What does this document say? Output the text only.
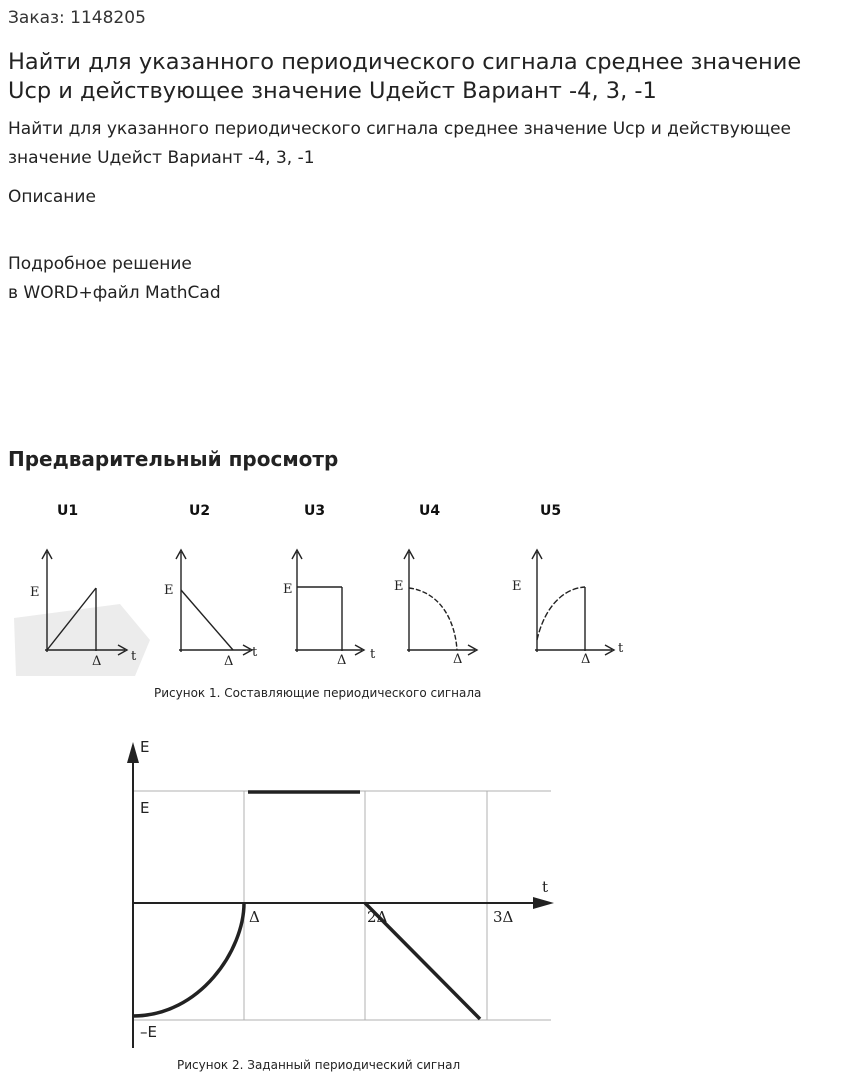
Заказ: 1148205
Найти для указанного периодического сигнала среднее значение Uср и действующее значение Uдейст Вариант -4, 3, -1
Найти для указанного периодического сигнала среднее значение Uср и действующее значение Uдейст Вариант -4, 3, -1
Описание
Подробное решение
в WORD+файл MathCad
Предварительный просмотр
U1	U2	U3	U4	U5
E
Δ t
E
Δ
t
E
Δ t
E
Δ
E
Δ
t
E
E
t
Δ	2Δ	3Δ
–E
Рисунок 1. Составляющие периодического сигнала
Рисунок 2. Заданный периодический сигнал
